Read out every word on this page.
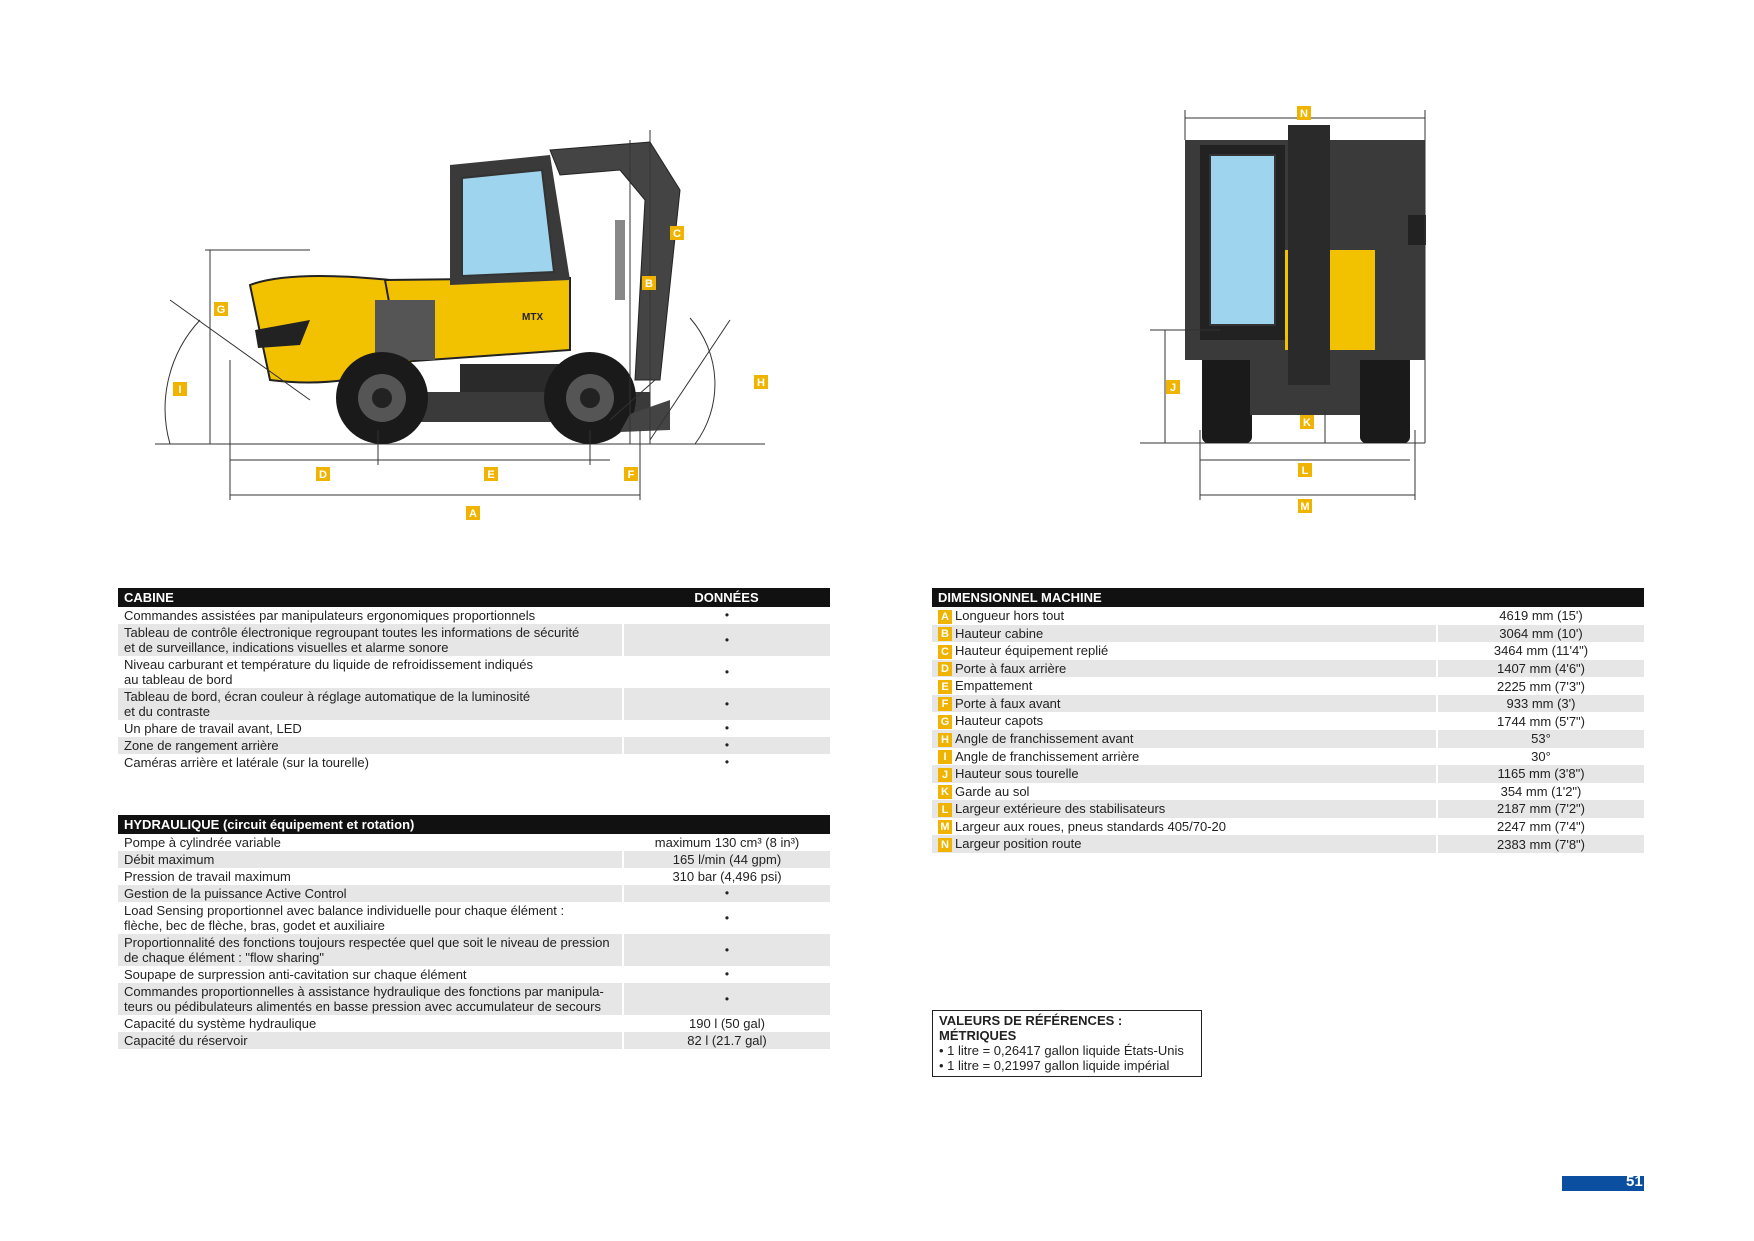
A
B
C
D	E	F
G
H
I
MTX
N
J
K
L
M
CABINE	DONNÉES
Commandes assistées par manipulateurs ergonomiques proportionnels	•
Tableau de contrôle électronique regroupant toutes les informations de sécurité
et de surveillance, indications visuelles et alarme sonore	•
Niveau carburant et température du liquide de refroidissement indiqués
au tableau de bord	•
Tableau de bord, écran couleur à réglage automatique de la luminosité
et du contraste	•
Un phare de travail avant, LED	•
Zone de rangement arrière	•
Caméras arrière et latérale (sur la tourelle)	•
HYDRAULIQUE (circuit équipement et rotation)	
Pompe à cylindrée variable	maximum 130 cm³ (8 in³)
Débit maximum	165 l/min (44 gpm)
Pression de travail maximum	310 bar (4,496 psi)
Gestion de la puissance Active Control	•
Load Sensing proportionnel avec balance individuelle pour chaque élément :
flèche, bec de flèche, bras, godet et auxiliaire	•
Proportionnalité des fonctions toujours respectée quel que soit le niveau de pression
de chaque élément : "flow sharing"	•
Soupape de surpression anti-cavitation sur chaque élément	•
Commandes proportionnelles à assistance hydraulique des fonctions par manipula-
teurs ou pédibulateurs alimentés en basse pression avec accumulateur de secours	•
Capacité du système hydraulique	190 l (50 gal)
Capacité du réservoir	82 l (21.7 gal)
DIMENSIONNEL MACHINE	
A Longueur hors tout	4619 mm (15')
B Hauteur cabine	3064 mm (10')
C Hauteur équipement replié	3464 mm (11'4")
D Porte à faux arrière	1407 mm (4'6")
E Empattement	2225 mm (7'3")
F Porte à faux avant	933 mm (3')
G Hauteur capots	1744 mm (5'7")
H Angle de franchissement avant	53°
I Angle de franchissement arrière	30°
J Hauteur sous tourelle	1165 mm (3'8")
K Garde au sol	354 mm (1'2")
L Largeur extérieure des stabilisateurs	2187 mm (7'2")
M Largeur aux roues, pneus standards 405/70-20	2247 mm (7'4")
N Largeur position route	2383 mm (7'8")
VALEURS DE RÉFÉRENCES : MÉTRIQUES
• 1 litre = 0,26417 gallon liquide États-Unis
• 1 litre = 0,21997 gallon liquide impérial
51
